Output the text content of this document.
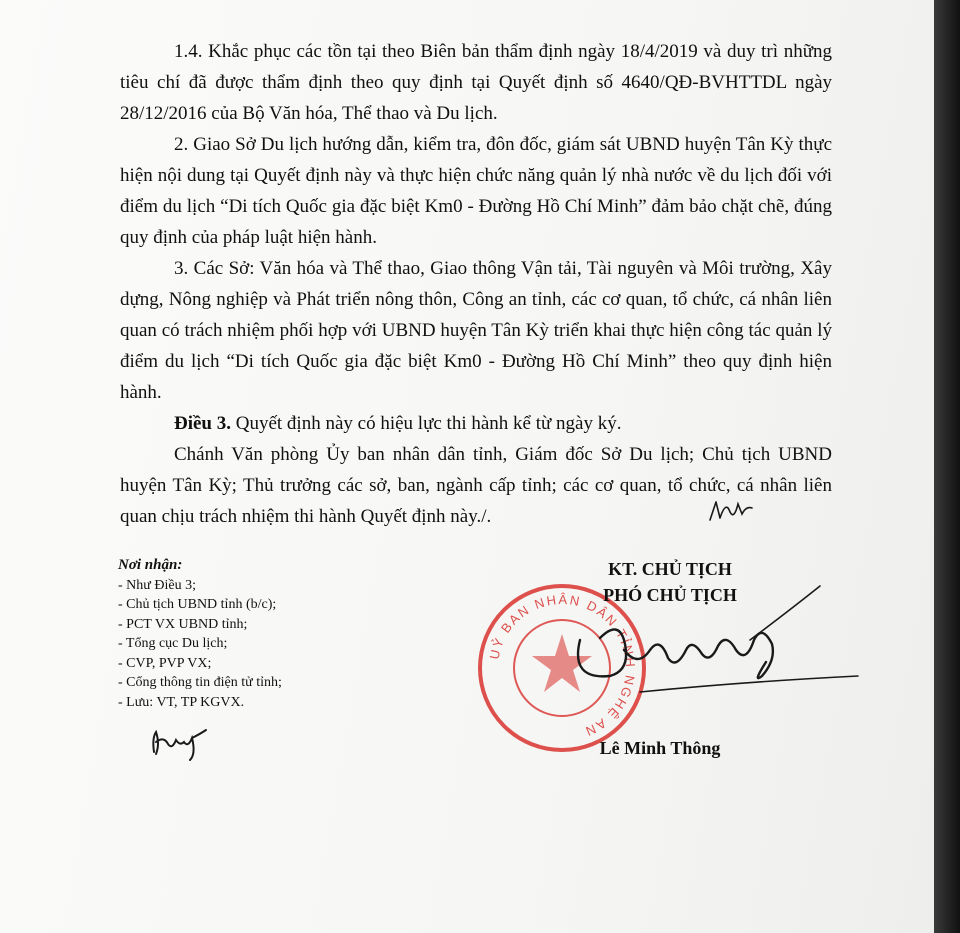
1.4. Khắc phục các tồn tại theo Biên bản thẩm định ngày 18/4/2019 và duy trì những tiêu chí đã được thẩm định theo quy định tại Quyết định số 4640/QĐ-BVHTTDL ngày 28/12/2016 của Bộ Văn hóa, Thể thao và Du lịch.

2. Giao Sở Du lịch hướng dẫn, kiểm tra, đôn đốc, giám sát UBND huyện Tân Kỳ thực hiện nội dung tại Quyết định này và thực hiện chức năng quản lý nhà nước về du lịch đối với điểm du lịch “Di tích Quốc gia đặc biệt Km0 - Đường Hồ Chí Minh” đảm bảo chặt chẽ, đúng quy định của pháp luật hiện hành.

3. Các Sở: Văn hóa và Thể thao, Giao thông Vận tải, Tài nguyên và Môi trường, Xây dựng, Nông nghiệp và Phát triển nông thôn, Công an tỉnh, các cơ quan, tổ chức, cá nhân liên quan có trách nhiệm phối hợp với UBND huyện Tân Kỳ triển khai thực hiện công tác quản lý điểm du lịch “Di tích Quốc gia đặc biệt Km0 - Đường Hồ Chí Minh” theo quy định hiện hành.

Điều 3. Quyết định này có hiệu lực thi hành kể từ ngày ký.

Chánh Văn phòng Ủy ban nhân dân tỉnh, Giám đốc Sở Du lịch; Chủ tịch UBND huyện Tân Kỳ; Thủ trưởng các sở, ban, ngành cấp tỉnh; các cơ quan, tổ chức, cá nhân liên quan chịu trách nhiệm thi hành Quyết định này./.

Nơi nhận:
- Như Điều 3;
- Chủ tịch UBND tỉnh (b/c);
- PCT VX UBND tỉnh;
- Tổng cục Du lịch;
- CVP, PVP VX;
- Cổng thông tin điện tử tỉnh;
- Lưu: VT, TP KGVX.
UỶ BAN NHÂN DÂN TỈNH NGHỆ AN
KT. CHỦ TỊCH
PHÓ CHỦ TỊCH
Lê Minh Thông
